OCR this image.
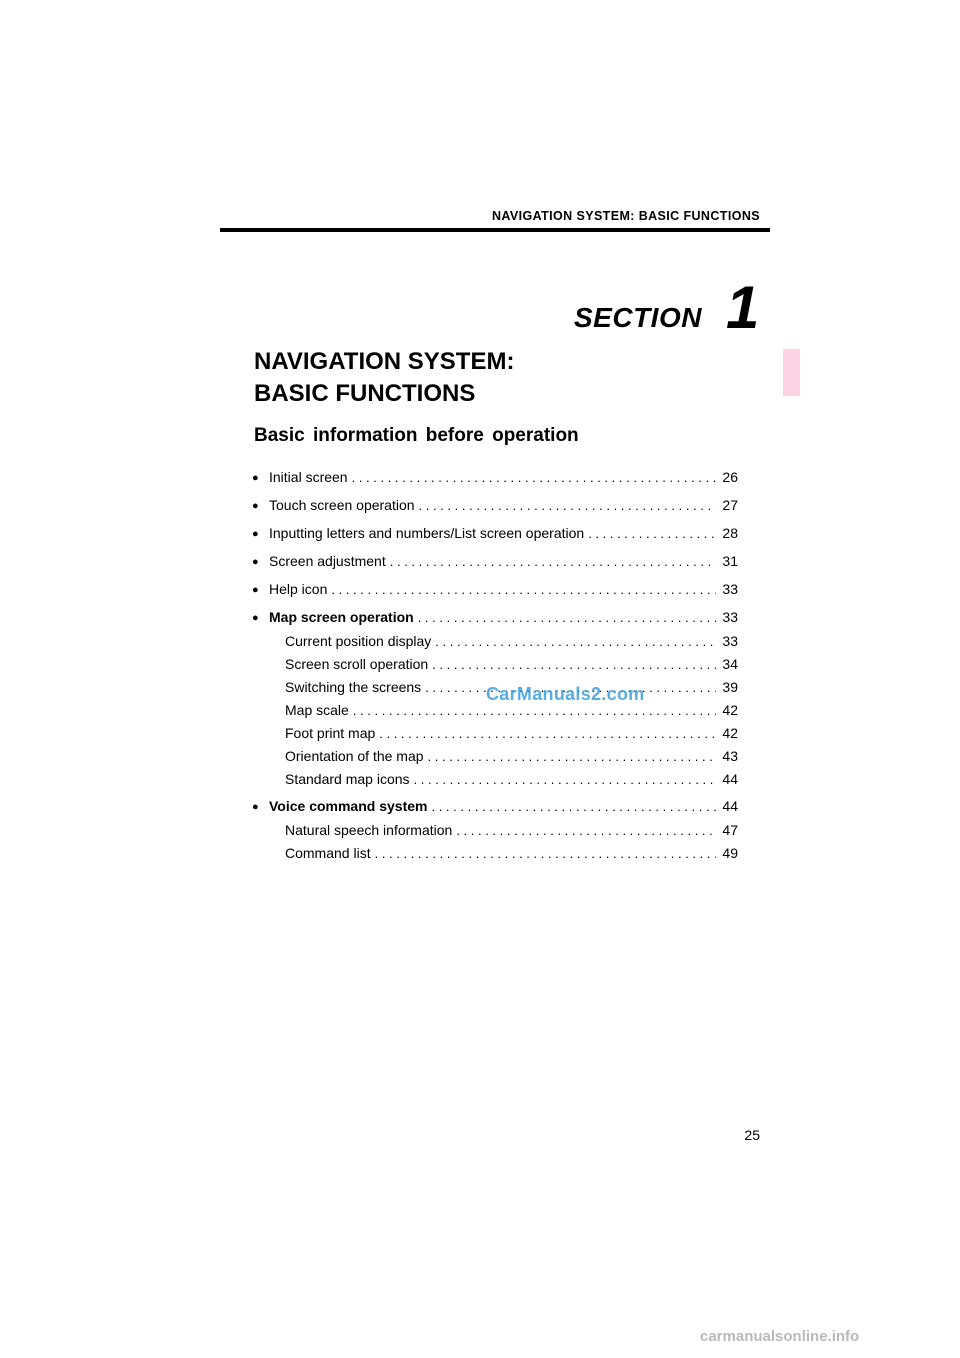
NAVIGATION SYSTEM: BASIC FUNCTIONS
SECTION 1
NAVIGATION SYSTEM:
BASIC FUNCTIONS
Basic information before operation
● Initial screen . . .	26
● Touch screen operation . . .	27
● Inputting letters and numbers/List screen operation . . .	28
● Screen adjustment . . .	31
● Help icon . . .	33
● Map screen operation . . .	33
Current position display . . .	33
Screen scroll operation . . .	34
Switching the screens . . .	39
Map scale . . .	42
Foot print map . . .	42
Orientation of the map . . .	43
Standard map icons . . .	44
● Voice command system . . .	44
Natural speech information . . .	47
Command list . . .	49
CarManuals2.com
25
carmanualsonline.info
